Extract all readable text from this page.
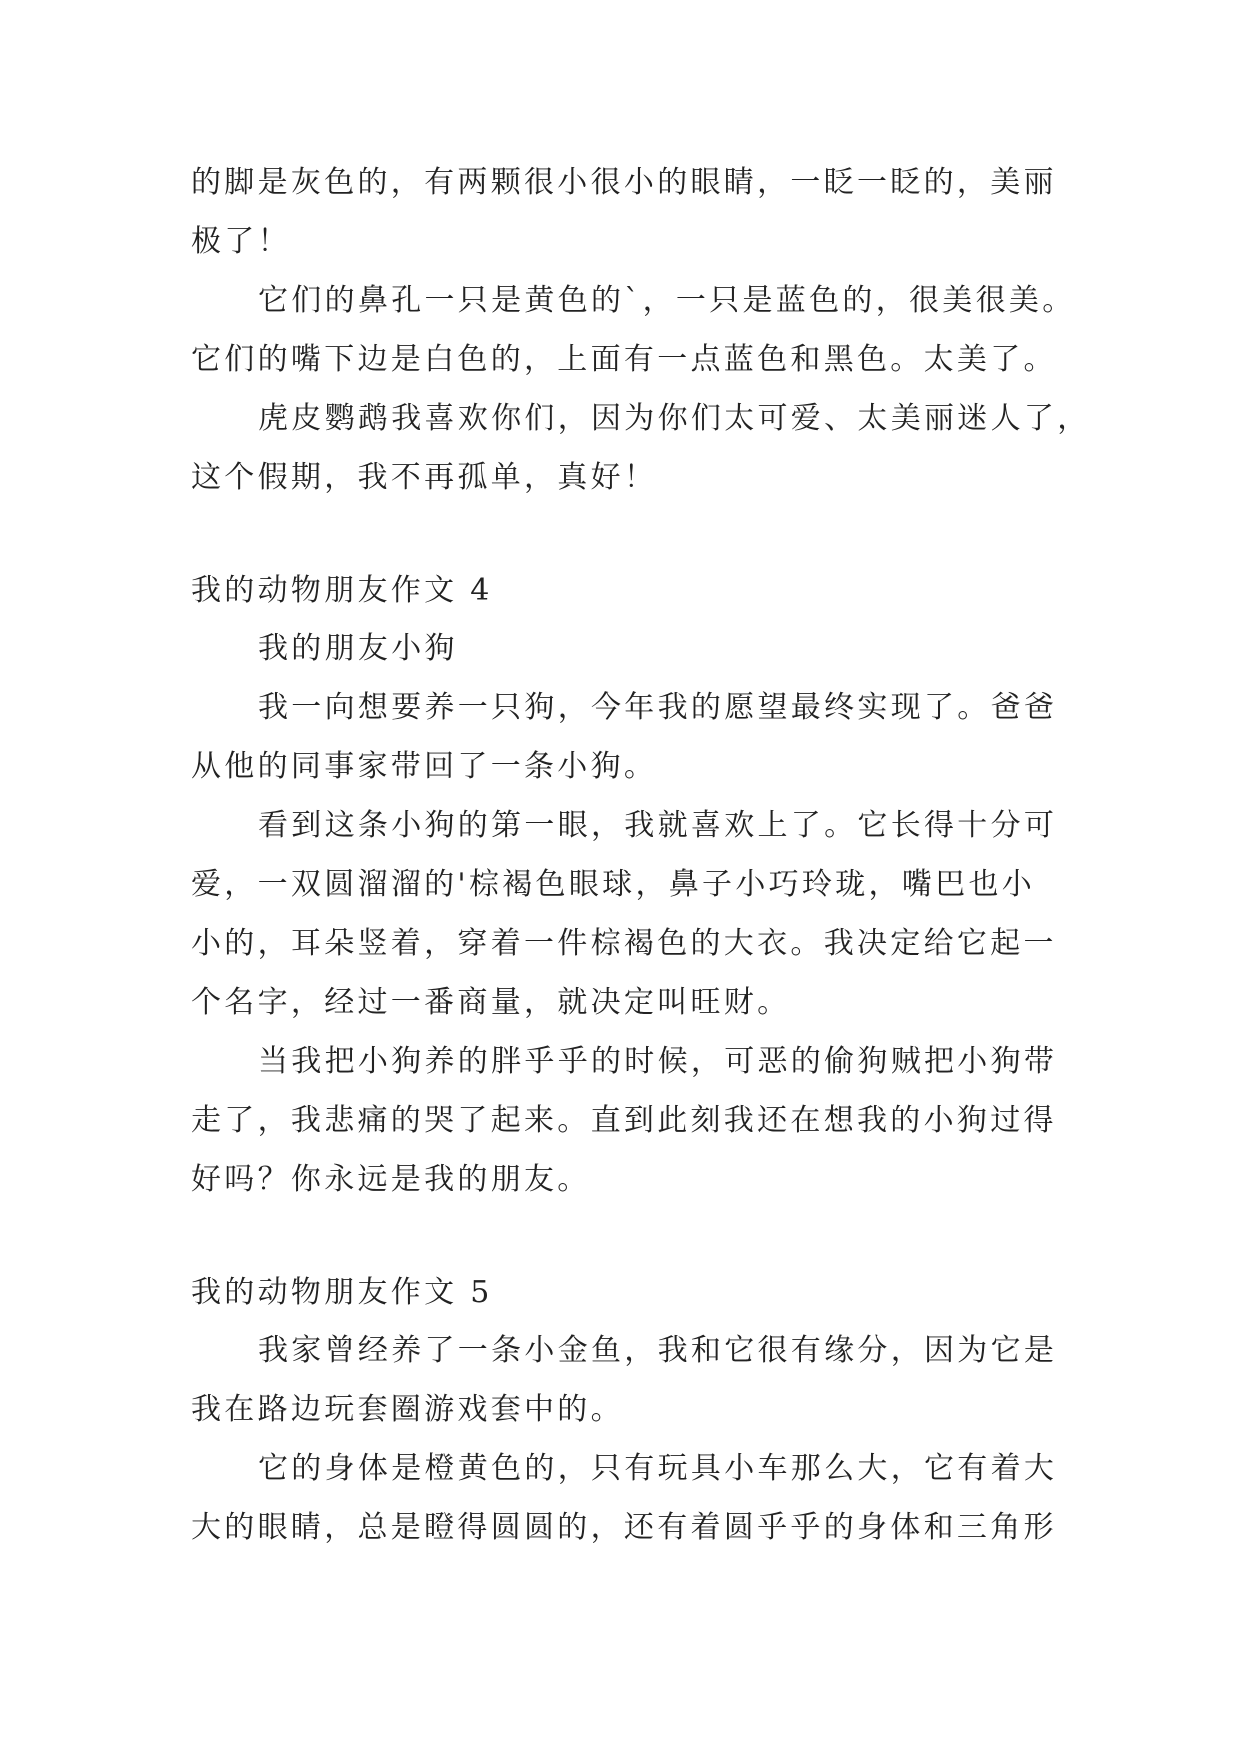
的脚是灰色的，有两颗很小很小的眼睛，一眨一眨的，美丽
极了！
它们的鼻孔一只是黄色的`，一只是蓝色的，很美很美。
它们的嘴下边是白色的，上面有一点蓝色和黑色。太美了。
虎皮鹦鹉我喜欢你们，因为你们太可爱、太美丽迷人了，
这个假期，我不再孤单，真好！
我的动物朋友作文 4
我的朋友小狗
我一向想要养一只狗，今年我的愿望最终实现了。爸爸
从他的同事家带回了一条小狗。
看到这条小狗的第一眼，我就喜欢上了。它长得十分可
爱，一双圆溜溜的'棕褐色眼球，鼻子小巧玲珑，嘴巴也小
小的，耳朵竖着，穿着一件棕褐色的大衣。我决定给它起一
个名字，经过一番商量，就决定叫旺财。
当我把小狗养的胖乎乎的时候，可恶的偷狗贼把小狗带
走了，我悲痛的哭了起来。直到此刻我还在想我的小狗过得
好吗？你永远是我的朋友。
我的动物朋友作文 5
我家曾经养了一条小金鱼，我和它很有缘分，因为它是
我在路边玩套圈游戏套中的。
它的身体是橙黄色的，只有玩具小车那么大，它有着大
大的眼睛，总是瞪得圆圆的，还有着圆乎乎的身体和三角形
